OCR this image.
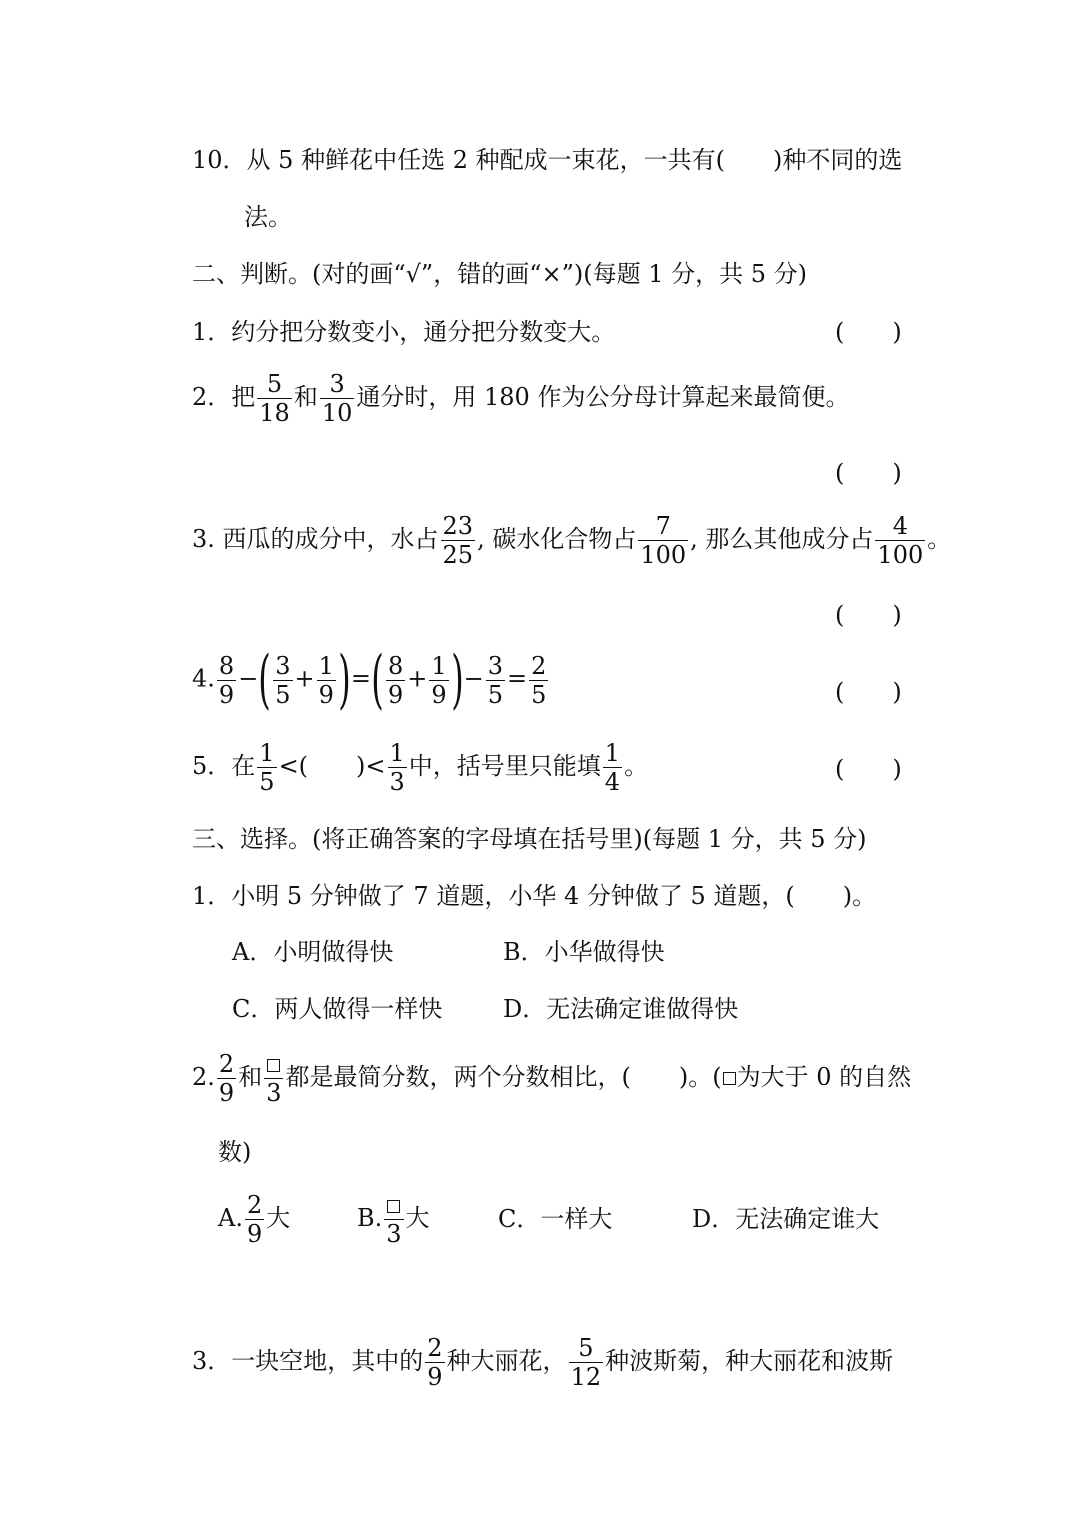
10．从 5 种鲜花中任选 2 种配成一束花，一共有(　　)种不同的选
法。
二、判断。(对的画“√”，错的画“×”)(每题 1 分，共 5 分)
1．约分把分数变小，通分把分数变大。	(　　)
2．把 $\frac{5}{18}$ 和 $\frac{3}{10}$ 通分时，用 180 作为公分母计算起来最简便。
(　　)
3. 西瓜的成分中，水占 $\frac{23}{25}$ , 碳水化合物占 $\frac{7}{100}$ , 那么其他成分占 $\frac{4}{100}$ 。
(　　)
4. $\frac{8}{9}$ −( $\frac{3}{5} + \frac{1}{9}$ )=( $\frac{8}{9} + \frac{1}{9}$ )− $\frac{3}{5} = \frac{2}{5}$	(　　)
5．在 $\frac{1}{5}$ <(　　)< $\frac{1}{3}$ 中，括号里只能填 $\frac{1}{4}$ 。	(　　)
三、选择。(将正确答案的字母填在括号里)(每题 1 分，共 5 分)
1．小明 5 分钟做了 7 道题，小华 4 分钟做了 5 道题，(　　)。
A．小明做得快	B．小华做得快
C．两人做得一样快	D．无法确定谁做得快
2. $\frac{2}{9}$ 和
3
都是最简分数，两个分数相比，(　　)。( 为大于 0 的自然
数)
A. $\frac{2}{9}$ 大	B.
3
大	C．一样大	D．无法确定谁大
3．一块空地，其中的 $\frac{2}{9}$ 种大丽花， $\frac{5}{12}$ 种波斯菊，种大丽花和波斯
